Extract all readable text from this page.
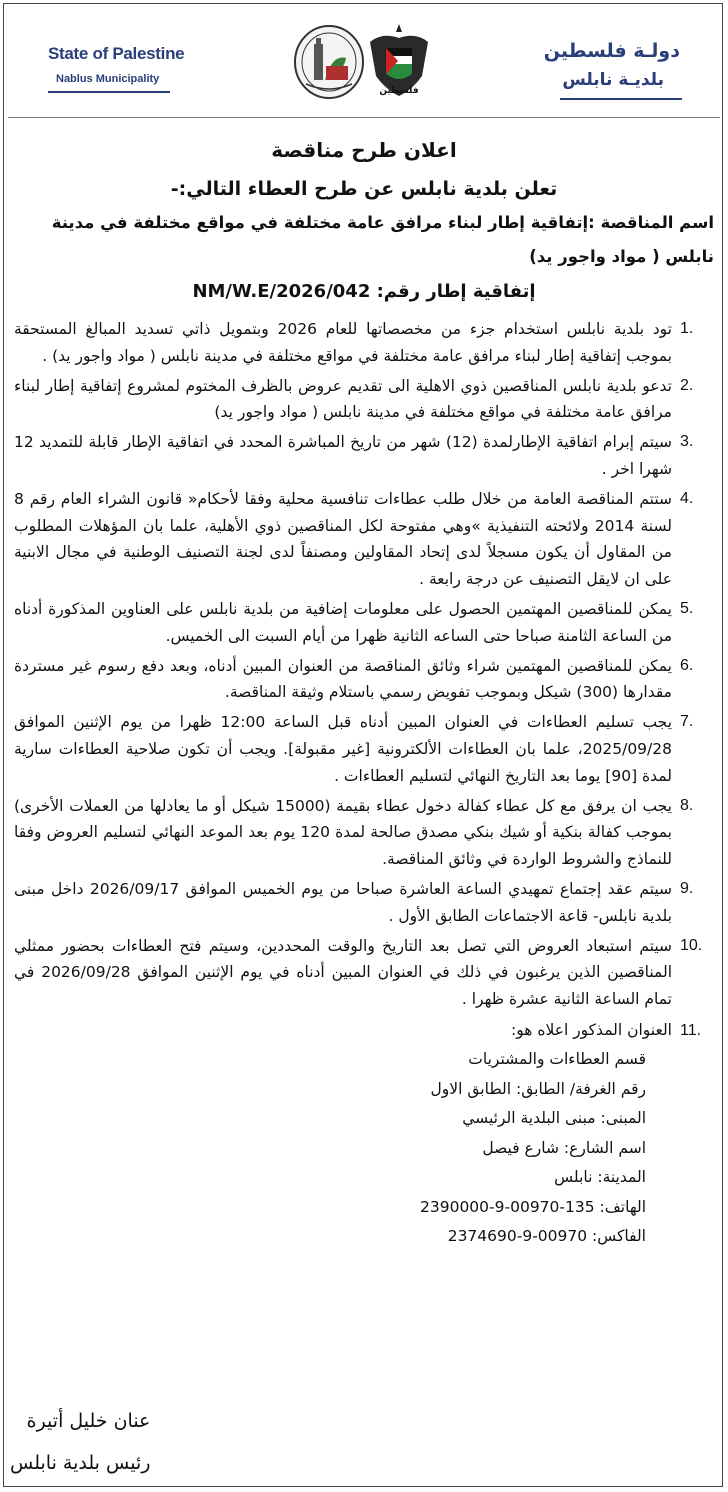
State of Palestine
Nablus Municipality
دولـة فلسطين
بلديـة نابلس
فلسطين

اعلان طرح مناقصة

تعلن بلدية نابلس عن طرح العطاء التالي:-

اسم المناقصة :إتفاقية إطار لبناء مرافق عامة مختلفة في مواقع مختلفة في مدينة نابلس ( مواد واجور يد)

إتفاقية إطار رقم: NM/W.E/2026/042

1.
تود بلدية نابلس استخدام جزء من مخصصاتها للعام 2026 وبتمويل ذاتي تسديد المبالغ المستحقة بموجب إتفاقية إطار لبناء مرافق عامة مختلفة في مواقع مختلفة في مدينة نابلس ( مواد واجور يد) .
2.
تدعو بلدية نابلس المناقصين ذوي الاهلية الى تقديم عروض بالظرف المختوم لمشروع إتفاقية إطار لبناء مرافق عامة مختلفة في مواقع مختلفة في مدينة نابلس ( مواد واجور يد)
3.
سيتم إبرام اتفاقية الإطارلمدة (12) شهر من تاريخ المباشرة المحدد في اتفاقية الإطار قابلة للتمديد 12 شهرا اخر .
4.
ستتم المناقصة العامة من خلال طلب عطاءات تنافسية محلية وفقا لأحكام« قانون الشراء العام رقم 8 لسنة 2014 ولائحته التنفيذية »وهي مفتوحة لكل المناقصين ذوي الأهلية، علما بان المؤهلات المطلوب من المقاول أن يكون مسجلاً لدى إتحاد المقاولين ومصنفاً لدى لجنة التصنيف الوطنية في مجال الابنية على ان لايقل التصنيف عن درجة رابعة .
5.
يمكن للمناقصين المهتمين الحصول على معلومات إضافية من بلدية نابلس على العناوين المذكورة أدناه من الساعة الثامنة صباحا حتى الساعه الثانية ظهرا من أيام السبت الى الخميس.
6.
يمكن للمناقصين المهتمين شراء وثائق المناقصة من العنوان المبين أدناه، وبعد دفع رسوم غير مستردة مقدارها (300) شيكل وبموجب تفويض رسمي باستلام وثيقة المناقصة.
7.
يجب تسليم العطاءات في العنوان المبين أدناه قبل الساعة 12:00 ظهرا من يوم الإثنين الموافق 2025/09/28، علما بان العطاءات الألكترونية [غير مقبولة]. ويجب أن تكون صلاحية العطاءات سارية لمدة [90] يوما بعد التاريخ النهائي لتسليم العطاءات .
8.
يجب ان يرفق مع كل عطاء كفالة دخول عطاء بقيمة (15000 شيكل أو ما يعادلها من العملات الأخرى) بموجب كفالة بنكية أو شيك بنكي مصدق صالحة لمدة 120 يوم بعد الموعد النهائي لتسليم العروض وفقا للنماذج والشروط الواردة في وثائق المناقصة.
9.
سيتم عقد إجتماع تمهيدي الساعة العاشرة صباحا من يوم الخميس الموافق 2026/09/17 داخل مبنى بلدية نابلس- قاعة الاجتماعات الطابق الأول .
10.
سيتم استبعاد العروض التي تصل بعد التاريخ والوقت المحددين، وسيتم فتح العطاءات بحضور ممثلي المناقصين الذين يرغبون في ذلك في العنوان المبين أدناه في يوم الإثنين الموافق 2026/09/28 في تمام الساعة الثانية عشرة ظهرا .
11.
العنوان المذكور اعلاه هو:
قسم العطاءات والمشتريات
رقم الغرفة/ الطابق: الطابق الاول
المبنى: مبنى البلدية الرئيسي
اسم الشارع: شارع فيصل
المدينة: نابلس
الهاتف: 135-00970-9-2390000
الفاكس: 00970-9-2374690
عنان خليل أتيرة
رئيس بلدية نابلس
